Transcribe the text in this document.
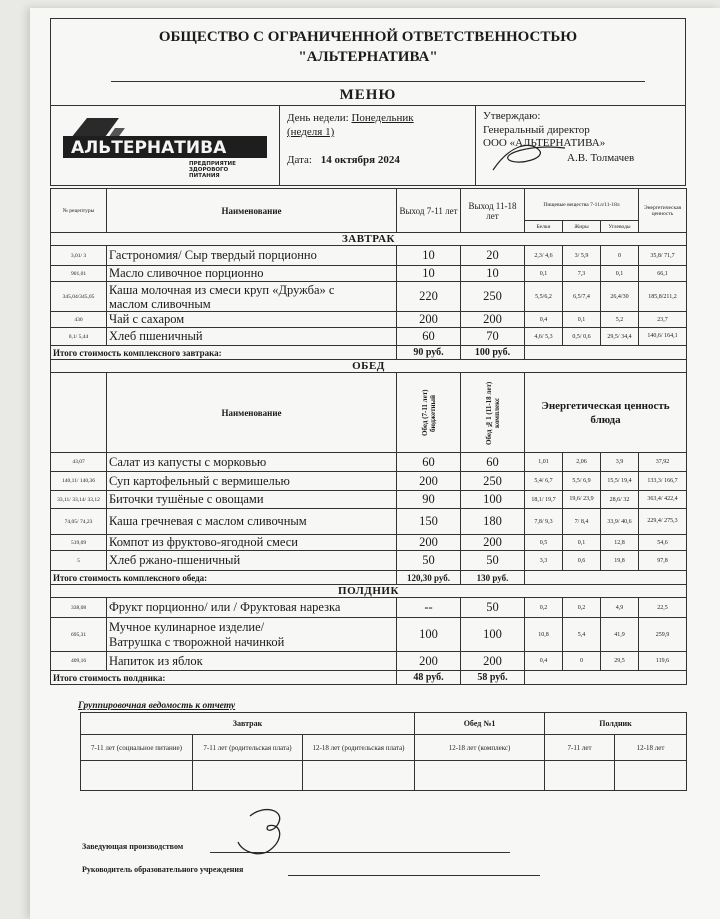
ОБЩЕСТВО С ОГРАНИЧЕННОЙ ОТВЕТСТВЕННОСТЬЮ
"АЛЬТЕРНАТИВА"
МЕНЮ
АЛЬТЕРНАТИВА
ПРЕДПРИЯТИЕ
ЗДОРОВОГО
ПИТАНИЯ
День недели: Понедельник
(неделя 1)
Дата: 14 октября 2024
Утверждаю:
Генеральный директор
ООО «АЛЬТЕРНАТИВА»
А.В. Толмачев
№ рецептуры	Наименование	Выход 7-11 лет	Выход 11-18 лет	Пищевые вещества 7-11л/11-18л			Энергетическая ценность
				Белки	Жиры	Углеводы	
ЗАВТРАК							
3,01/ 3	Гастрономия/ Сыр твердый порционно	10	20	2,3/ 4,6	3/ 5,9	0	35,8/ 71,7
901,01	Масло сливочное порционно	10	10	0,1	7,3	0,1	66,1
345,04/345,05	Каша молочная из смеси круп «Дружба» с
маслом сливочным	220	250	5,5/6,2	6,5/7,4	26,4/30	185,8/211,2
430	Чай с сахаром	200	200	0,4	0,1	5,2	23,7
0,1/ 5,44	Хлеб пшеничный	60	70	4,6/ 5,3	0,5/ 0,6	29,5/ 34,4	140,6/ 164,1
Итого стоимость комплексного завтрака:		90 руб.	100 руб.				
ОБЕД							
	Наименование	Обед (7-11 лет) бюджетный	Обед №1 (11-18 лет) комплекс	Энергетическая ценность блюда			
43,07	Салат из капусты с морковью	60	60	1,01	2,06	3,9	37,92
140,11/ 140,36	Суп картофельный с вермишелью	200	250	5,4/ 6,7	5,5/ 6,9	15,5/ 19,4	133,3/ 166,7
33,11/ 33,14/ 33,12	Биточки тушёные с овощами	90	100	18,1/ 19,7	19,6/ 23,9	28,6/ 32	363,4/ 422,4
74,05/ 74,23	Каша гречневая с маслом сливочным	150	180	7,8/ 9,3	7/ 8,4	33,9/ 40,6	229,4/ 275,3
519,09	Компот из фруктово-ягодной смеси	200	200	0,5	0,1	12,8	54,6
5	Хлеб ржано-пшеничный	50	50	3,3	0,6	19,8	97,8
Итого стоимость комплексного обеда:		120,30 руб.	130 руб.				
ПОЛДНИК							
338,08	Фрукт порционно/ или / Фруктовая нарезка	--	50	0,2	0,2	4,9	22,5
695,31	Мучное кулинарное изделие/
Ватрушка с творожной начинкой	100	100	10,8	5,4	41,9	259,9
409,16	Напиток из яблок	200	200	0,4	0	29,5	119,6
Итого стоимость полдника:		48 руб.	58 руб.				
Группировочная ведомость к отчету
Завтрак			Обед №1	Полдник	
7-11 лет (социальное питание)	7-11 лет (родительская плата)	12-18 лет (родительская плата)	12-18 лет (комплекс)	7-11 лет	12-18 лет

Заведующая производством
Руководитель образовательного учреждения
